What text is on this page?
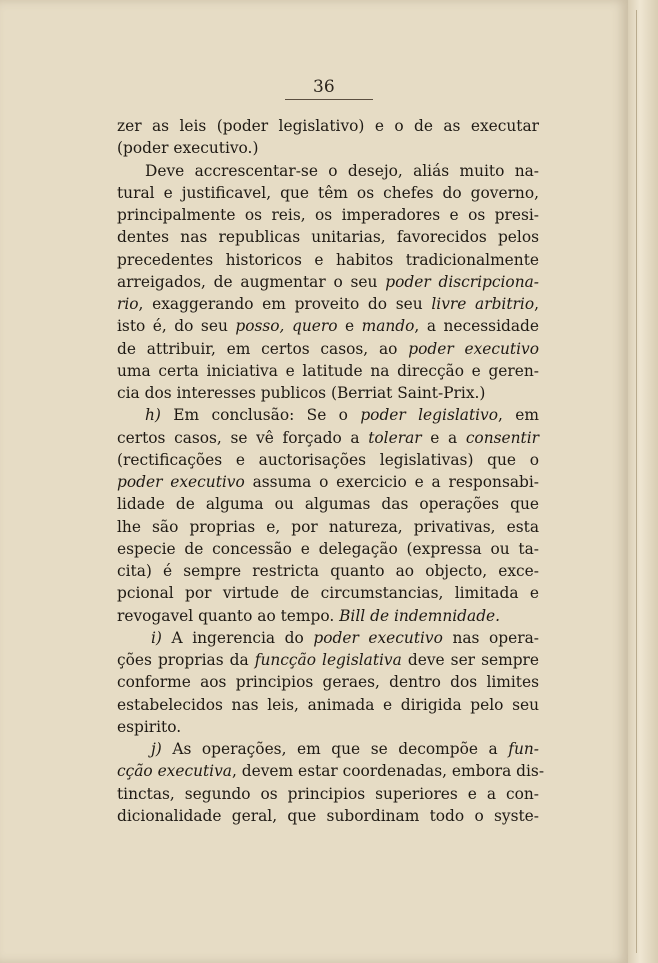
36
zer as leis (poder legislativo) e o de as executar
(poder executivo.)
Deve accrescentar-se o desejo, aliás muito na-
tural e justificavel, que têm os chefes do governo,
principalmente os reis, os imperadores e os presi-
dentes nas republicas unitarias, favorecidos pelos
precedentes historicos e habitos tradicionalmente
arreigados, de augmentar o seu poder discripciona-
rio, exaggerando em proveito do seu livre arbitrio,
isto é, do seu posso, quero e mando, a necessidade
de attribuir, em certos casos, ao poder executivo
uma certa iniciativa e latitude na direcção e geren-
cia dos interesses publicos (Berriat Saint-Prix.)
h) Em conclusão: Se o poder legislativo, em
certos casos, se vê forçado a tolerar e a consentir
(rectificações e auctorisações legislativas) que o
poder executivo assuma o exercicio e a responsabi-
lidade de alguma ou algumas das operações que
lhe são proprias e, por natureza, privativas, esta
especie de concessão e delegação (expressa ou ta-
cita) é sempre restricta quanto ao objecto, exce-
pcional por virtude de circumstancias, limitada e
revogavel quanto ao tempo. Bill de indemnidade.
i) A ingerencia do poder executivo nas opera-
ções proprias da funcção legislativa deve ser sempre
conforme aos principios geraes, dentro dos limites
estabelecidos nas leis, animada e dirigida pelo seu
espirito.
j) As operações, em que se decompõe a fun-
cção executiva, devem estar coordenadas, embora dis-
tinctas, segundo os principios superiores e a con-
dicionalidade geral, que subordinam todo o syste-
